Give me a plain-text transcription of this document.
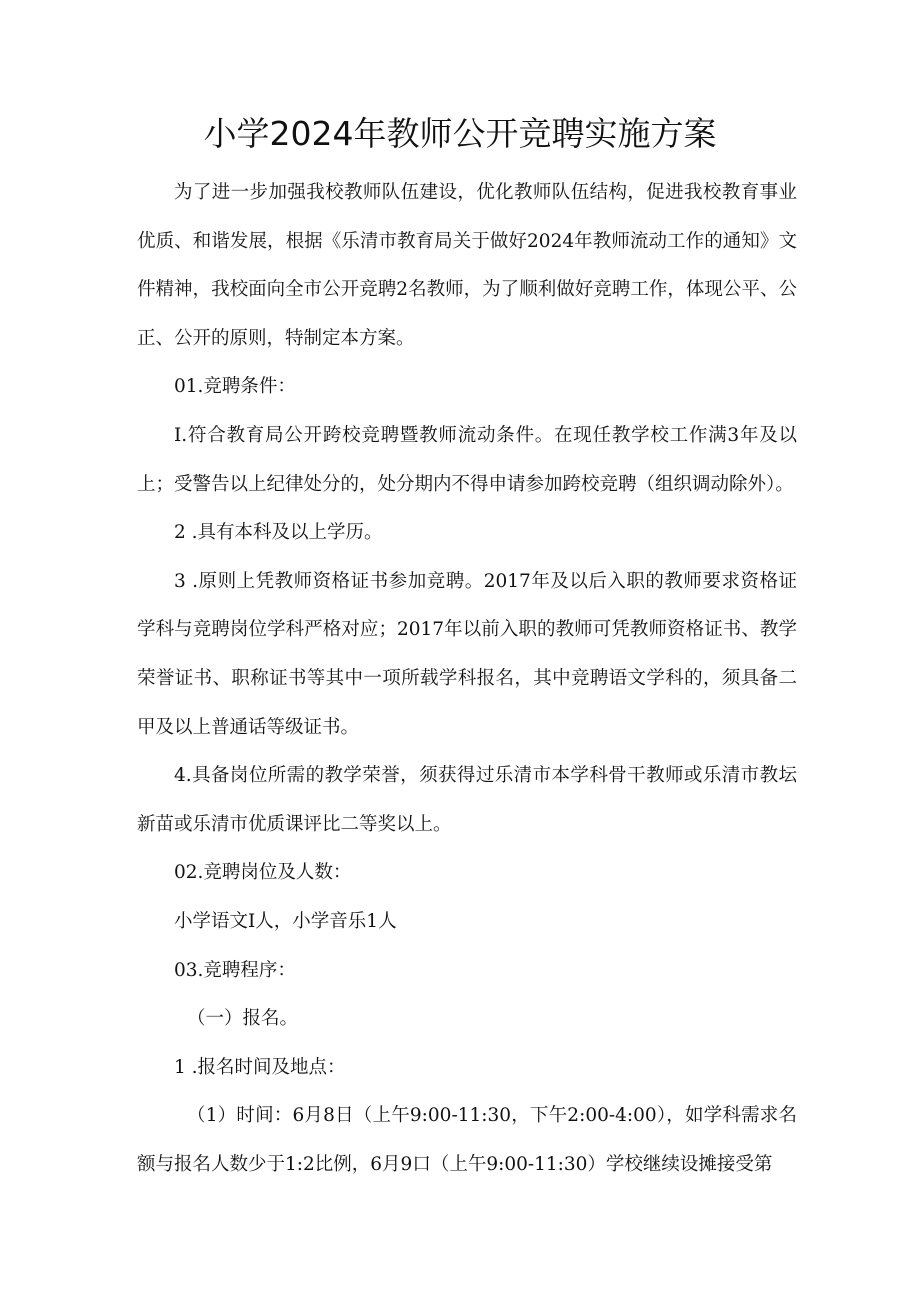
小学2024年教师公开竞聘实施方案

为了进一步加强我校教师队伍建设，优化教师队伍结构，促进我校教育事业优质、和谐发展，根据《乐清市教育局关于做好2024年教师流动工作的通知》文件精神，我校面向全市公开竞聘2名教师，为了顺利做好竞聘工作，体现公平、公正、公开的原则，特制定本方案。

01.竞聘条件：

I.符合教育局公开跨校竞聘暨教师流动条件。在现任教学校工作满3年及以上；受警告以上纪律处分的，处分期内不得申请参加跨校竞聘（组织调动除外）。

2 .具有本科及以上学历。

3 .原则上凭教师资格证书参加竞聘。2017年及以后入职的教师要求资格证学科与竞聘岗位学科严格对应；2017年以前入职的教师可凭教师资格证书、教学荣誉证书、职称证书等其中一项所载学科报名，其中竞聘语文学科的，须具备二甲及以上普通话等级证书。

4.具备岗位所需的教学荣誉，须获得过乐清市本学科骨干教师或乐清市教坛新苗或乐清市优质课评比二等奖以上。

02.竞聘岗位及人数：

小学语文I人，小学音乐1人

03.竞聘程序：

（一）报名。

1 .报名时间及地点：

（1）时间：6月8日（上午9:00-11:30，下午2:00-4:00），如学科需求名额与报名人数少于1:2比例，6月9口（上午9:00-11:30）学校继续设摊接受第
